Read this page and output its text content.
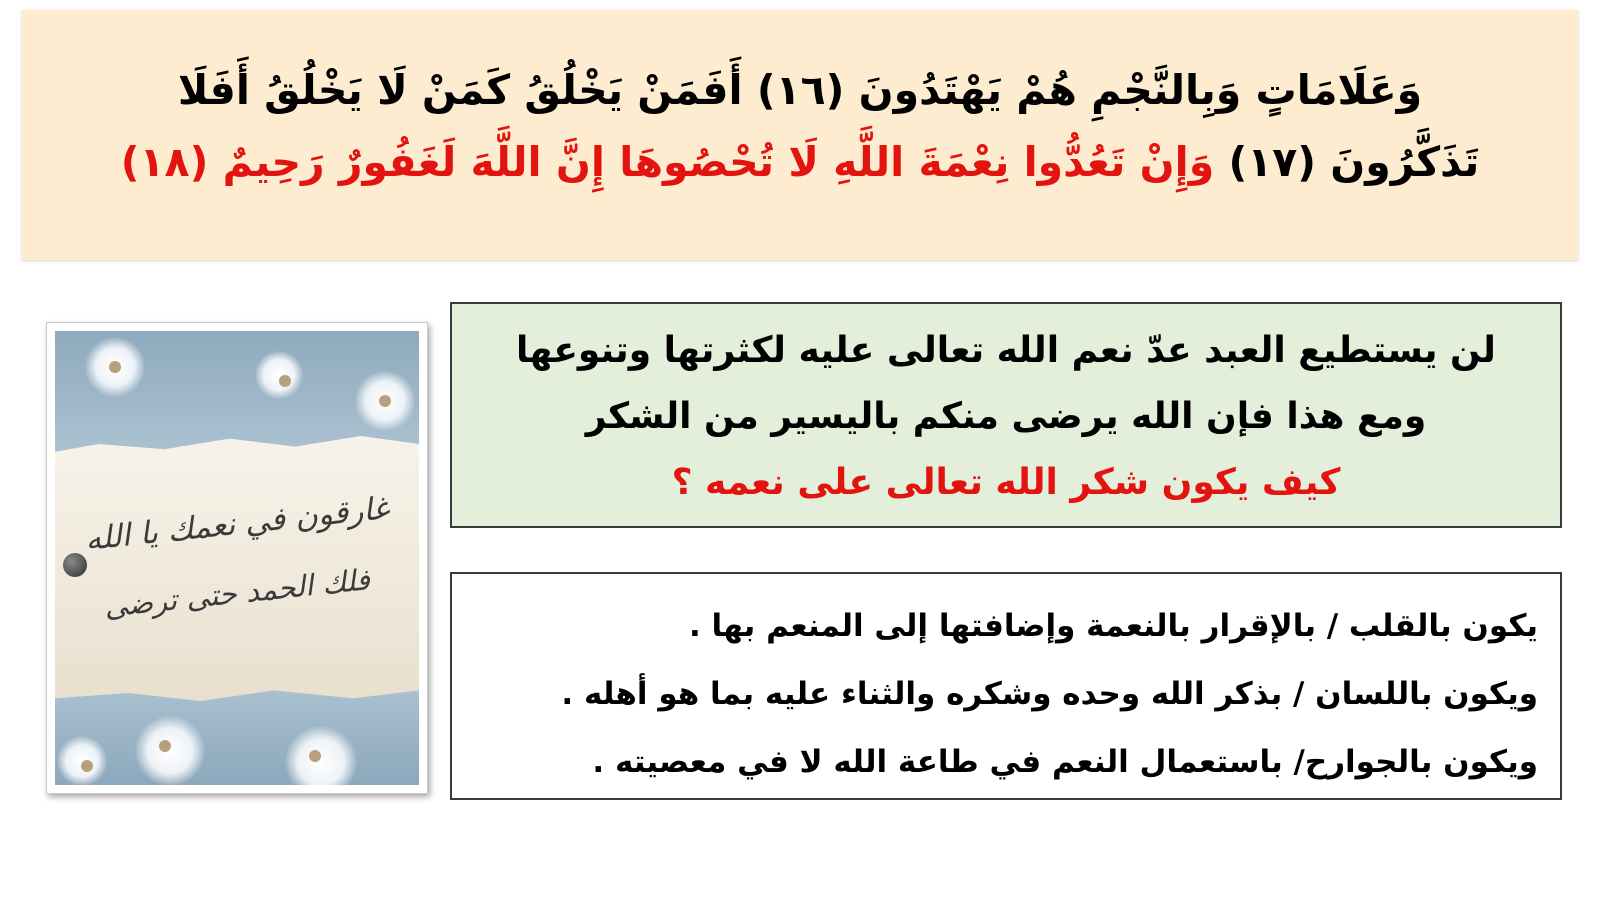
وَعَلَامَاتٍ وَبِالنَّجْمِ هُمْ يَهْتَدُونَ (١٦) أَفَمَنْ يَخْلُقُ كَمَنْ لَا يَخْلُقُ أَفَلَا
تَذَكَّرُونَ (١٧) وَإِنْ تَعُدُّوا نِعْمَةَ اللَّهِ لَا تُحْصُوهَا إِنَّ اللَّهَ لَغَفُورٌ رَحِيمٌ (١٨)
غارقون في نعمك يا الله
فلك الحمد حتى ترضى
لن يستطيع العبد عدّ نعم الله تعالى عليه لكثرتها وتنوعها
ومع هذا فإن الله يرضى منكم باليسير من الشكر
كيف يكون شكر الله تعالى على نعمه ؟
يكون بالقلب / بالإقرار بالنعمة وإضافتها إلى المنعم بها .
ويكون باللسان / بذكر الله وحده وشكره والثناء عليه بما هو أهله .
ويكون بالجوارح/ باستعمال النعم في طاعة الله لا في معصيته .
